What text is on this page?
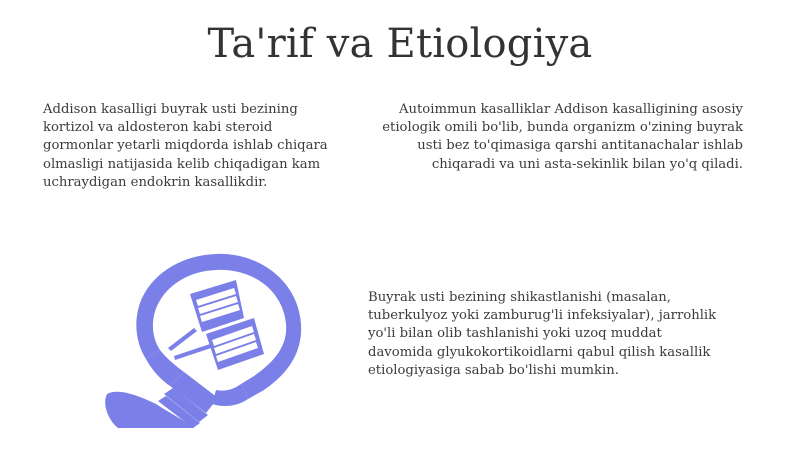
Ta'rif va Etiologiya

Addison kasalligi buyrak usti bezining kortizol va aldosteron kabi steroid gormonlar yetarli miqdorda ishlab chiqara olmasligi natijasida kelib chiqadigan kam uchraydigan endokrin kasallikdir.

Autoimmun kasalliklar Addison kasalligining asosiy etiologik omili bo'lib, bunda organizm o'zining buyrak usti bez to'qimasiga qarshi antitanachalar ishlab chiqaradi va uni asta-sekinlik bilan yo'q qiladi.

Buyrak usti bezining shikastlanishi (masalan, tuberkulyoz yoki zamburug'li infeksiyalar), jarrohlik yo'li bilan olib tashlanishi yoki uzoq muddat davomida glyukokortikoidlarni qabul qilish kasallik etiologiyasiga sabab bo'lishi mumkin.
